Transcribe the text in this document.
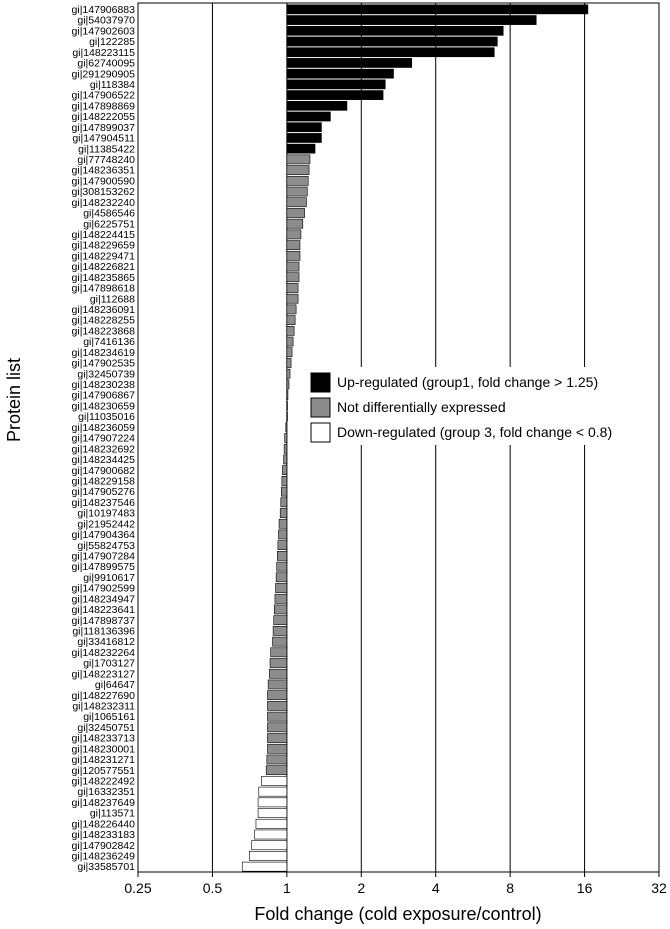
gi|147906883
gi|54037970
gi|147902603
gi|122285
gi|148223115
gi|62740095
gi|291290905
gi|118384
gi|147906522
gi|147898869
gi|148222055
gi|147899037
gi|147904511
gi|11385422
gi|77748240
gi|148236351
gi|147900590
gi|308153262
gi|148232240
gi|4586546
gi|6225751
gi|148224415
gi|148229659
gi|148229471
gi|148226821
gi|148235865
gi|147898618
gi|112688
gi|148236091
gi|148228255
gi|148223868
gi|7416136
gi|148234619
gi|147902535
gi|32450739
gi|148230238
gi|147906867
gi|148230659
gi|11035016
gi|148236059
gi|147907224
gi|148232692
gi|148234425
gi|147900682
gi|148229158
gi|147905276
gi|148237546
gi|10197483
gi|21952442
gi|147904364
gi|55824753
gi|147907284
gi|147899575
gi|9910617
gi|147902599
gi|148234947
gi|148223641
gi|147898737
gi|118136396
gi|33416812
gi|148232264
gi|1703127
gi|148223127
gi|64647
gi|148227690
gi|148232311
gi|1065161
gi|32450751
gi|148233713
gi|148230001
gi|148231271
gi|120577551
gi|148222492
gi|16332351
gi|148237649
gi|113571
gi|148226440
gi|148233183
gi|147902842
gi|148236249
gi|33585701
0.25	0.5	1	2	4	8	16	32
Fold change (cold exposure/control)
Protein list	Up-regulated (group1, fold change > 1.25)
Not differentially expressed
Down-regulated (group 3, fold change < 0.8)
